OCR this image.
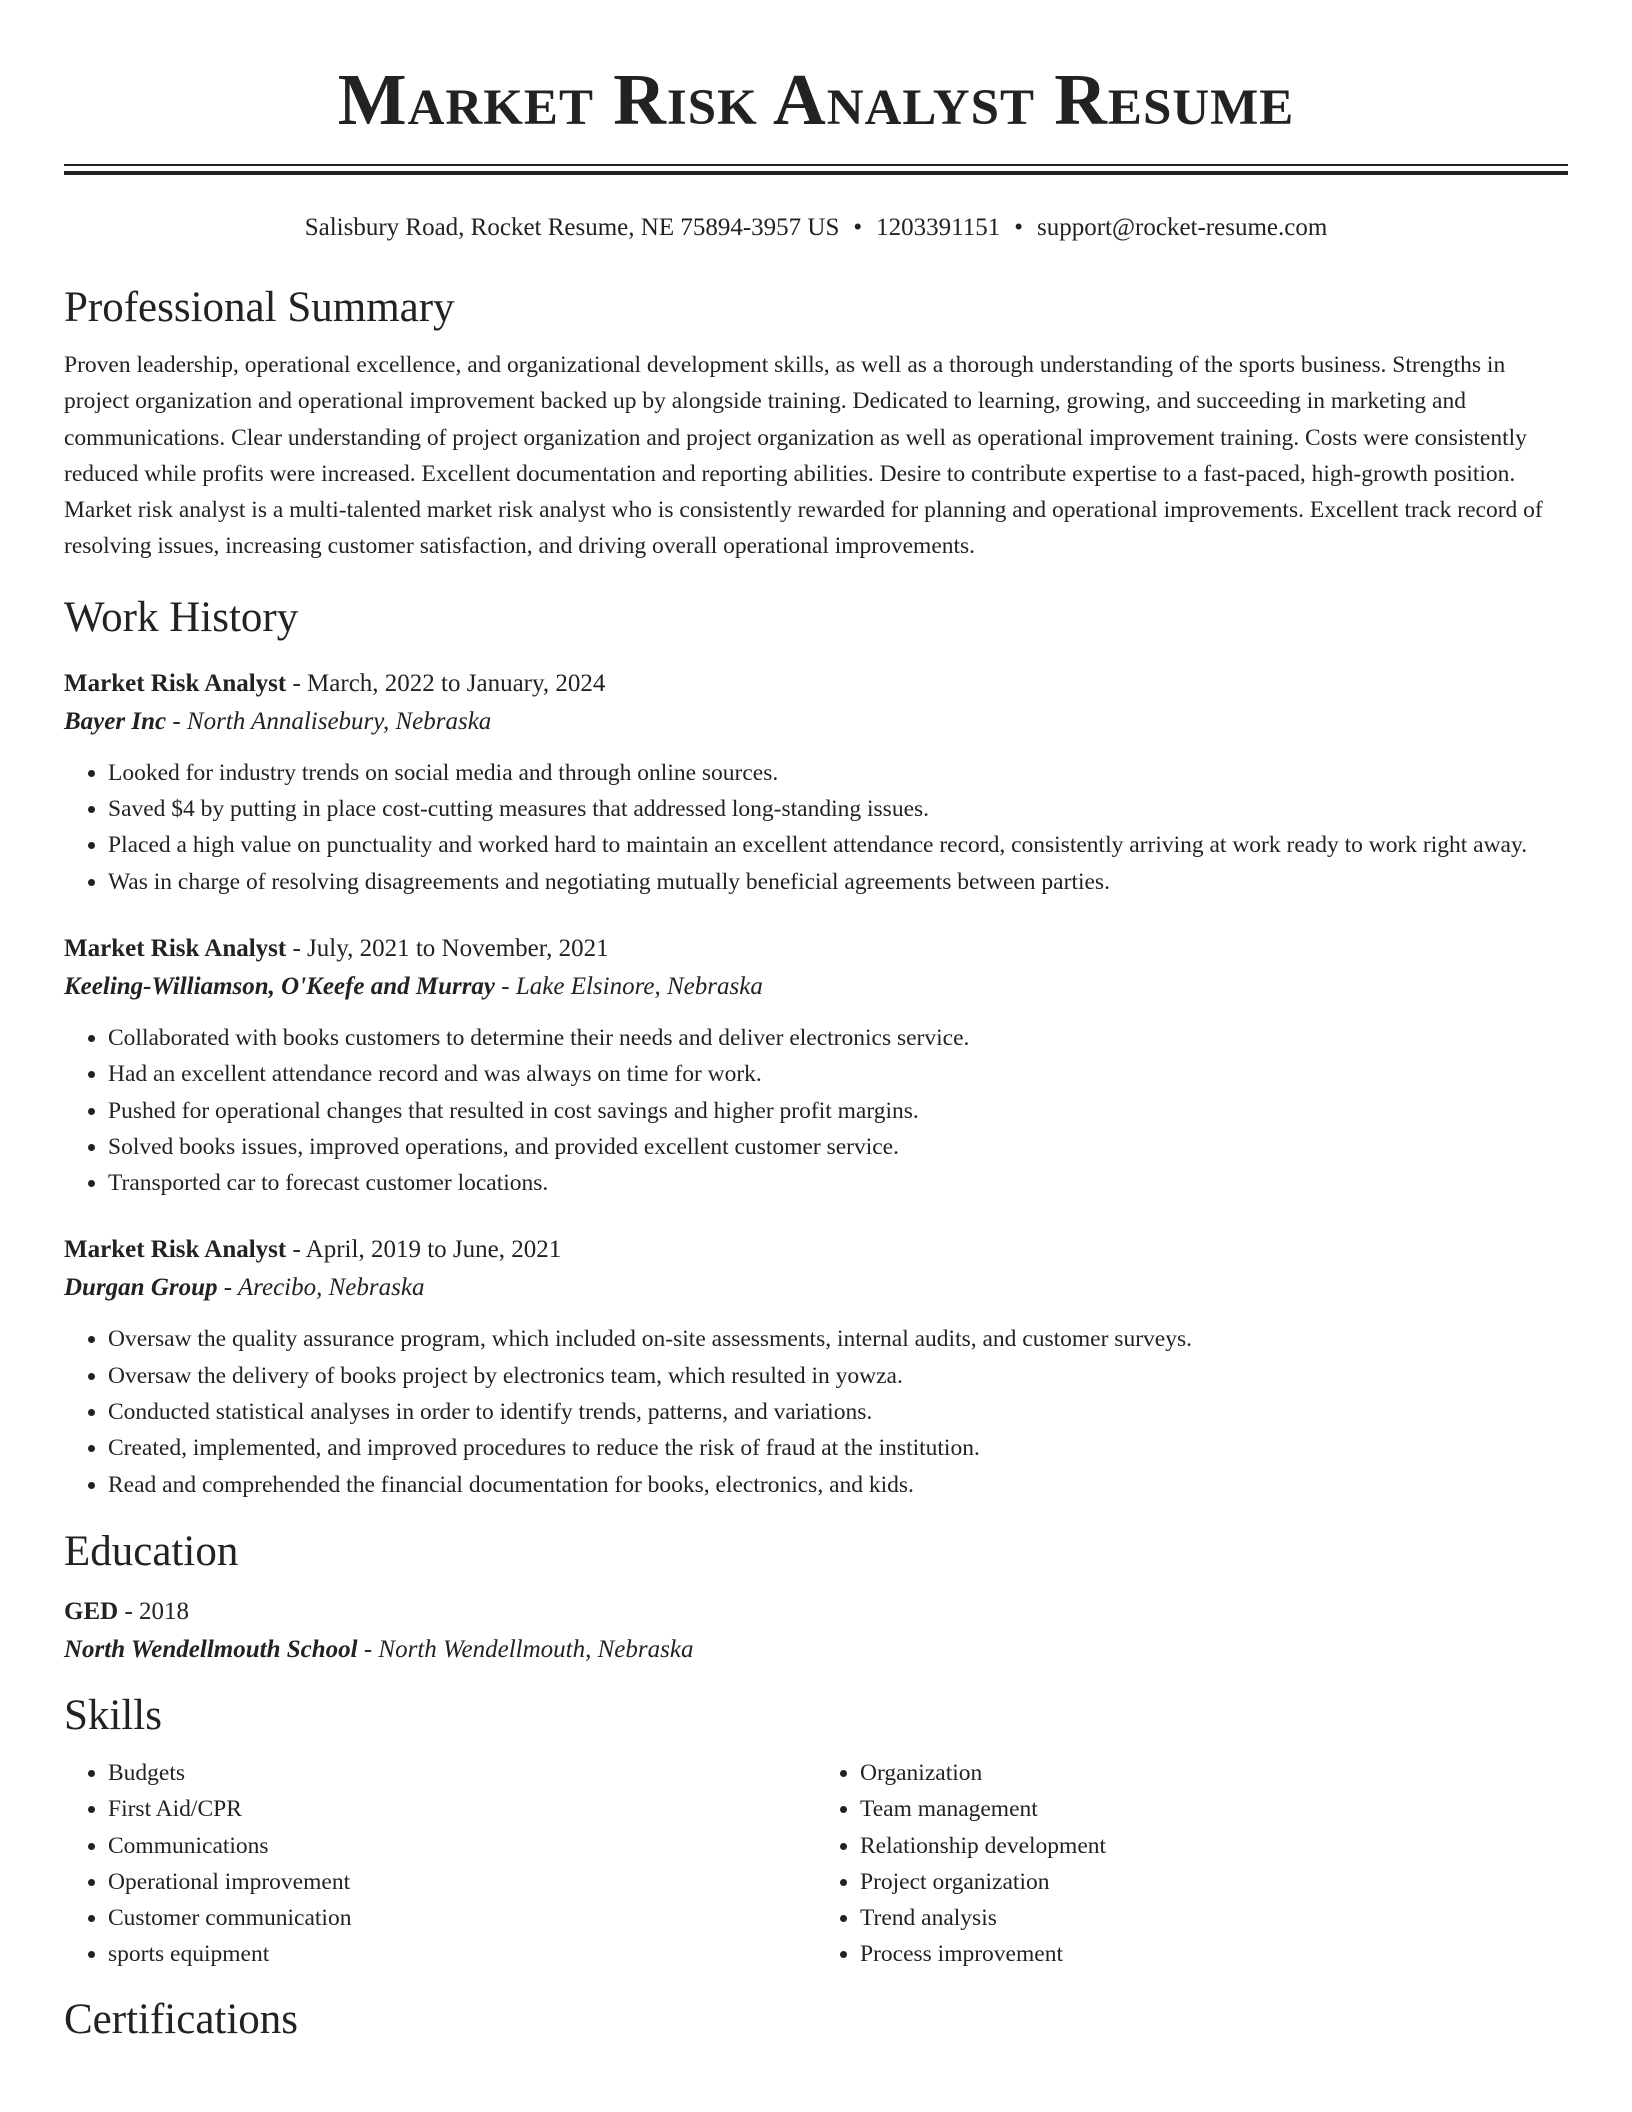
Market Risk Analyst Resume
Salisbury Road, Rocket Resume, NE 75894-3957 US • 1203391151 • support@rocket-resume.com
Professional Summary

Proven leadership, operational excellence, and organizational development skills, as well as a thorough understanding of the sports business. Strengths in project organization and operational improvement backed up by alongside training. Dedicated to learning, growing, and succeeding in marketing and communications. Clear understanding of project organization and project organization as well as operational improvement training. Costs were consistently reduced while profits were increased. Excellent documentation and reporting abilities. Desire to contribute expertise to a fast-paced, high-growth position. Market risk analyst is a multi-talented market risk analyst who is consistently rewarded for planning and operational improvements. Excellent track record of resolving issues, increasing customer satisfaction, and driving overall operational improvements.

Work History
Market Risk Analyst - March, 2022 to January, 2024
Bayer Inc - North Annalisebury, Nebraska
• Looked for industry trends on social media and through online sources.
• Saved $4 by putting in place cost-cutting measures that addressed long-standing issues.
• Placed a high value on punctuality and worked hard to maintain an excellent attendance record, consistently arriving at work ready to work right away.
• Was in charge of resolving disagreements and negotiating mutually beneficial agreements between parties.
Market Risk Analyst - July, 2021 to November, 2021
Keeling-Williamson, O'Keefe and Murray - Lake Elsinore, Nebraska
• Collaborated with books customers to determine their needs and deliver electronics service.
• Had an excellent attendance record and was always on time for work.
• Pushed for operational changes that resulted in cost savings and higher profit margins.
• Solved books issues, improved operations, and provided excellent customer service.
• Transported car to forecast customer locations.
Market Risk Analyst - April, 2019 to June, 2021
Durgan Group - Arecibo, Nebraska
• Oversaw the quality assurance program, which included on-site assessments, internal audits, and customer surveys.
• Oversaw the delivery of books project by electronics team, which resulted in yowza.
• Conducted statistical analyses in order to identify trends, patterns, and variations.
• Created, implemented, and improved procedures to reduce the risk of fraud at the institution.
• Read and comprehended the financial documentation for books, electronics, and kids.
Education
GED - 2018
North Wendellmouth School - North Wendellmouth, Nebraska
Skills
• Budgets
• First Aid/CPR
• Communications
• Operational improvement
• Customer communication
• sports equipment
• Organization
• Team management
• Relationship development
• Project organization
• Trend analysis
• Process improvement
Certifications
